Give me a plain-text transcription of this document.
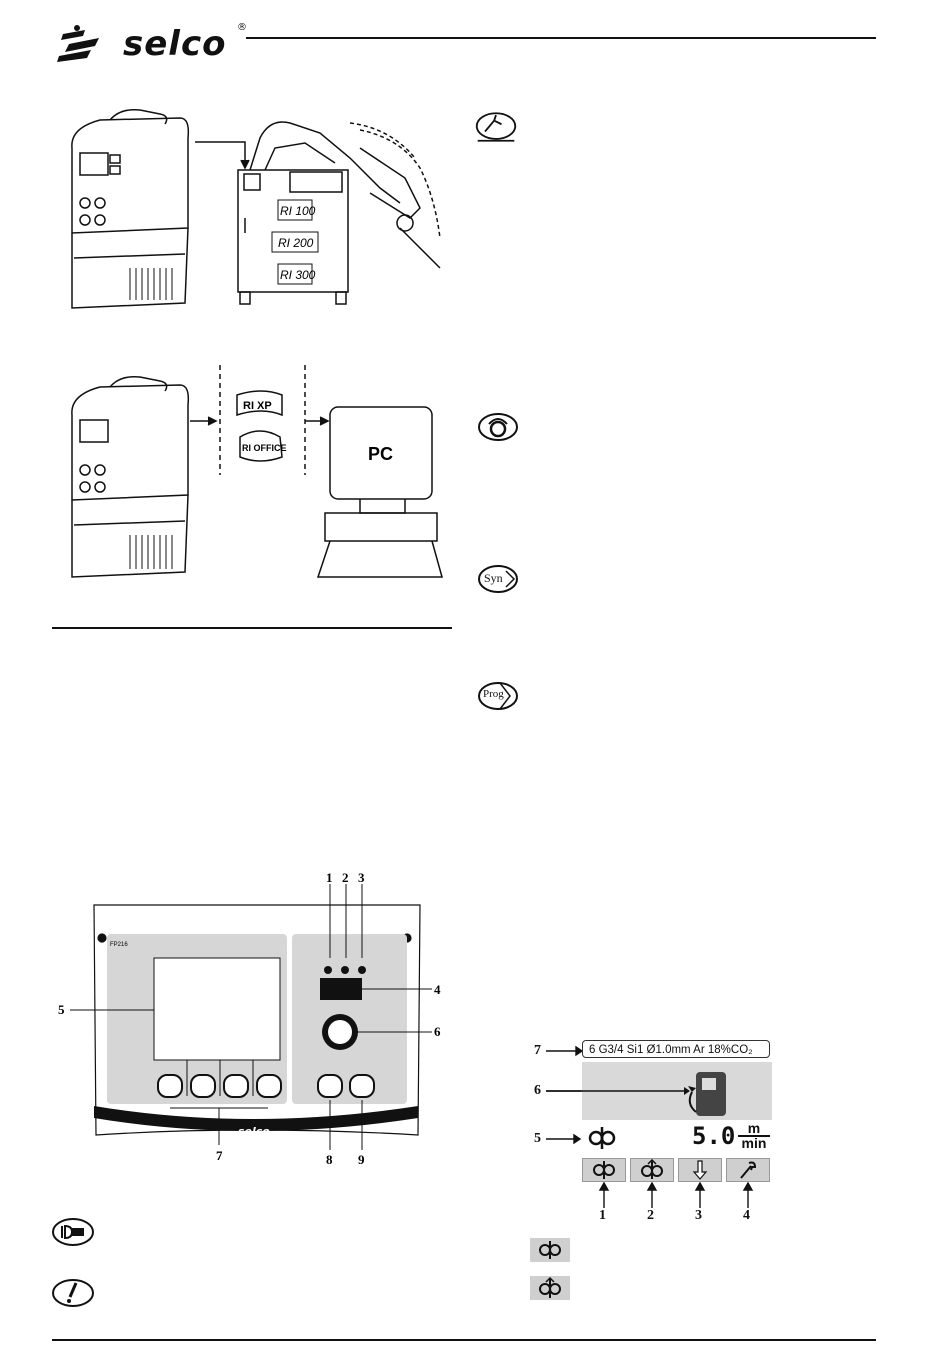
selco ®
RI 100
RI 200
RI 300
RI XP
RI OFFICE	PC
FP216
selco
1 2 3
4
5
6
7	8 9
Syn
Prog
7
6
5
6 G3/4 Si1 Ø1.0mm Ar 18%CO₂
5.0 m
min
1	2	3	4
